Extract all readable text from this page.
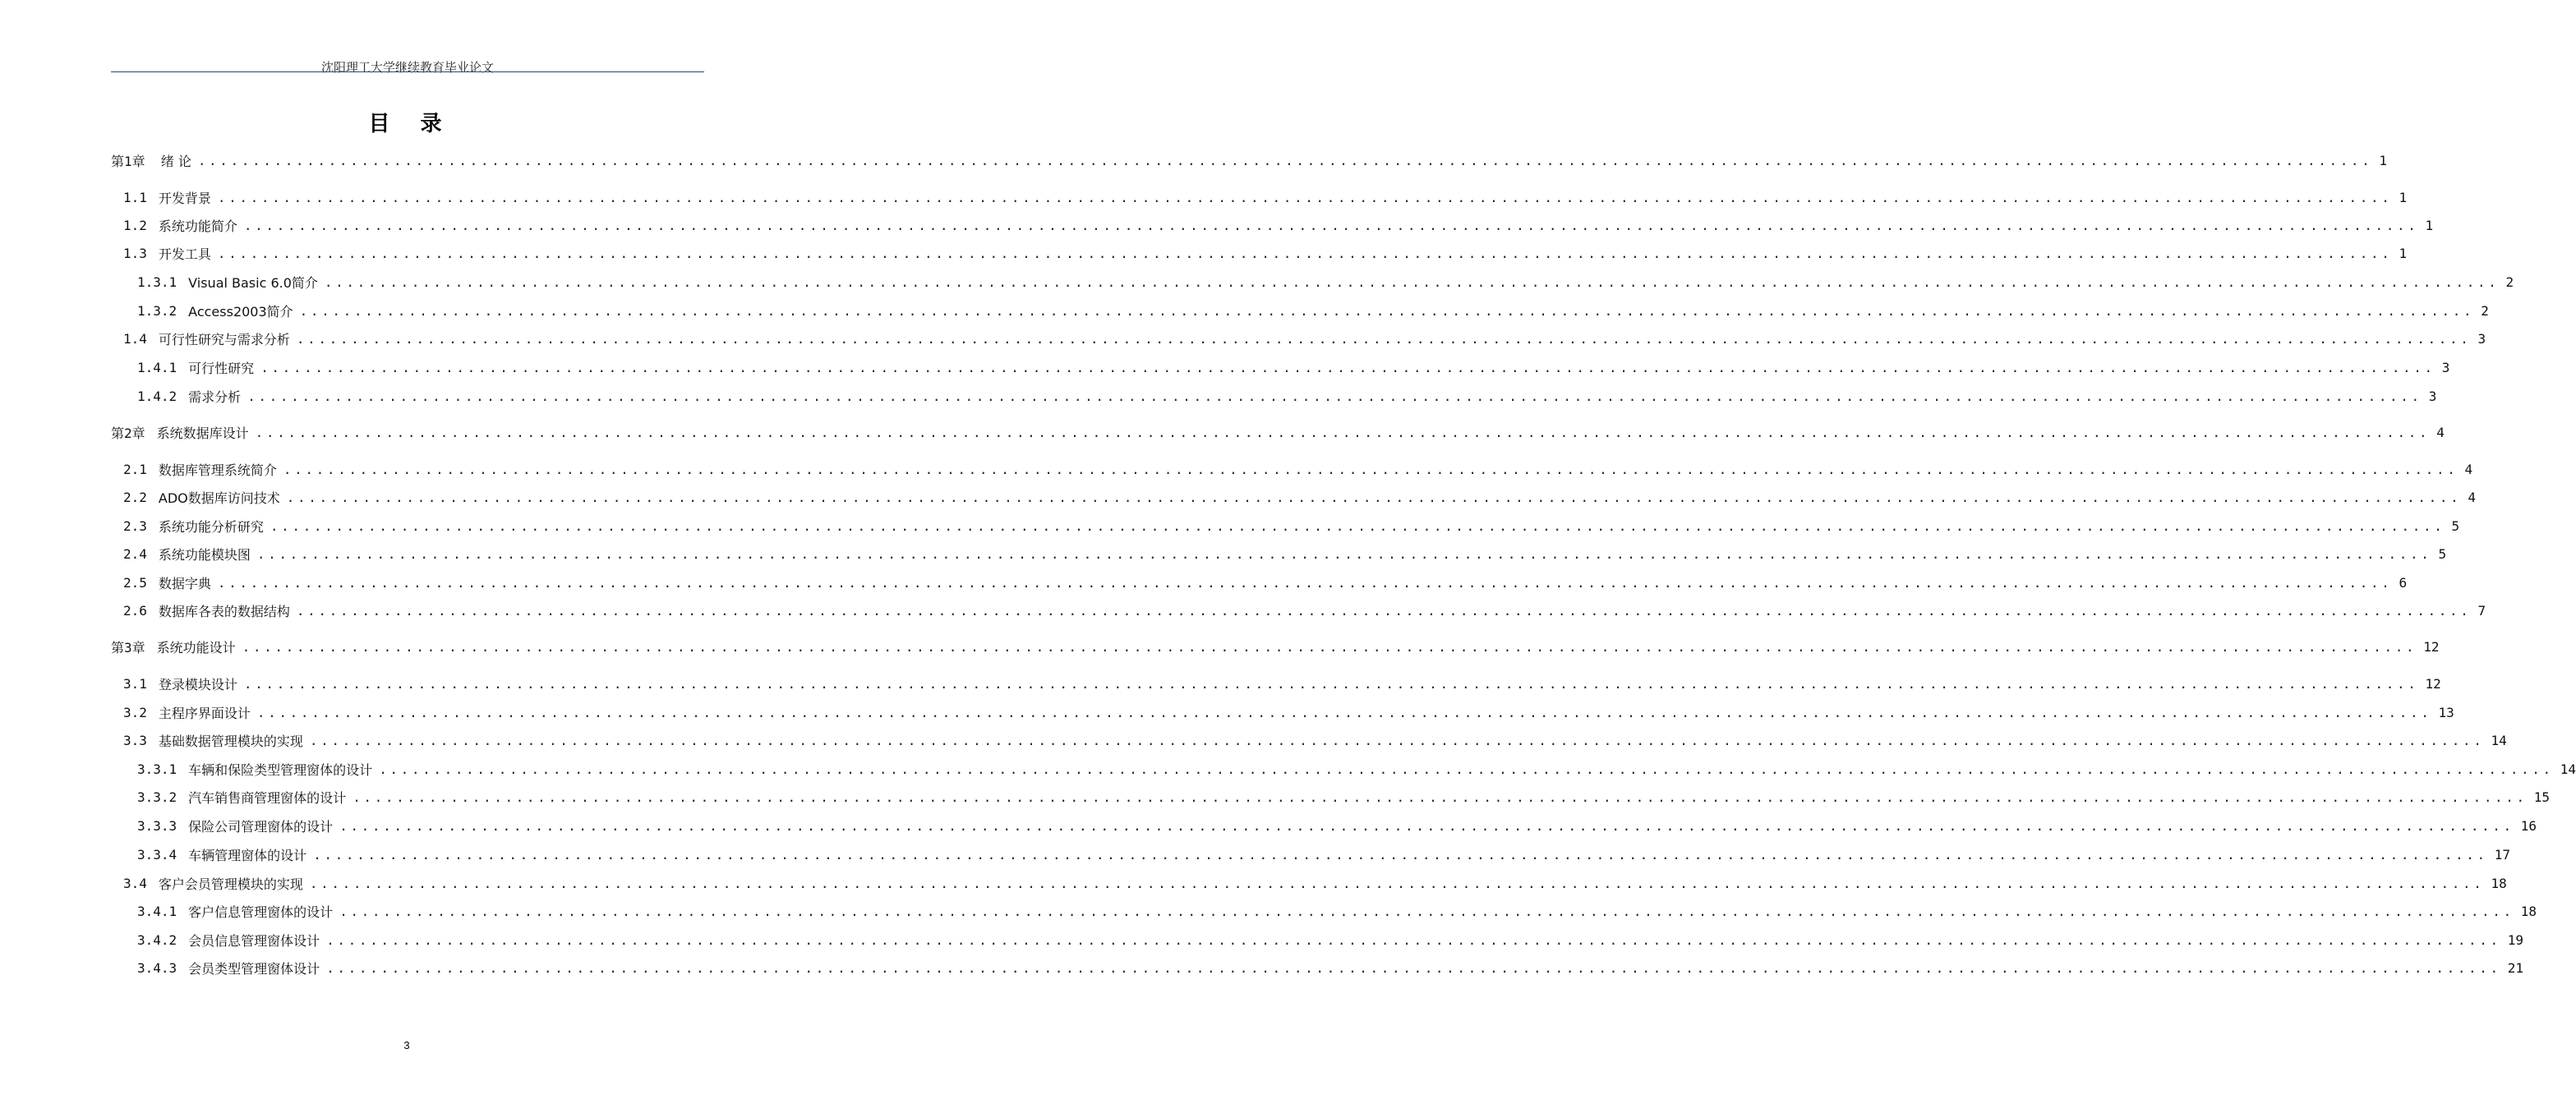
沈阳理工大学继续教育毕业论文
目 录
第1章 绪 论 ........................................................................................................................................................................................................ 1
1.1 开发背景 ........................................................................................................................................................................................................ 1
1.2 系统功能简介 ........................................................................................................................................................................................................ 1
1.3 开发工具 ........................................................................................................................................................................................................ 1
1.3.1 Visual Basic 6.0简介 ........................................................................................................................................................................................................ 2
1.3.2 Access2003简介 ........................................................................................................................................................................................................ 2
1.4 可行性研究与需求分析 ........................................................................................................................................................................................................ 3
1.4.1 可行性研究 ........................................................................................................................................................................................................ 3
1.4.2 需求分析 ........................................................................................................................................................................................................ 3
第2章 系统数据库设计 ........................................................................................................................................................................................................ 4
2.1 数据库管理系统简介 ........................................................................................................................................................................................................ 4
2.2 ADO数据库访问技术 ........................................................................................................................................................................................................ 4
2.3 系统功能分析研究 ........................................................................................................................................................................................................ 5
2.4 系统功能模块图 ........................................................................................................................................................................................................ 5
2.5 数据字典 ........................................................................................................................................................................................................ 6
2.6 数据库各表的数据结构 ........................................................................................................................................................................................................ 7
第3章 系统功能设计 ........................................................................................................................................................................................................ 12
3.1 登录模块设计 ........................................................................................................................................................................................................ 12
3.2 主程序界面设计 ........................................................................................................................................................................................................ 13
3.3 基础数据管理模块的实现 ........................................................................................................................................................................................................ 14
3.3.1 车辆和保险类型管理窗体的设计 ........................................................................................................................................................................................................ 14
3.3.2 汽车销售商管理窗体的设计 ........................................................................................................................................................................................................ 15
3.3.3 保险公司管理窗体的设计 ........................................................................................................................................................................................................ 16
3.3.4 车辆管理窗体的设计 ........................................................................................................................................................................................................ 17
3.4 客户会员管理模块的实现 ........................................................................................................................................................................................................ 18
3.4.1 客户信息管理窗体的设计 ........................................................................................................................................................................................................ 18
3.4.2 会员信息管理窗体设计 ........................................................................................................................................................................................................ 19
3.4.3 会员类型管理窗体设计 ........................................................................................................................................................................................................ 21
3
